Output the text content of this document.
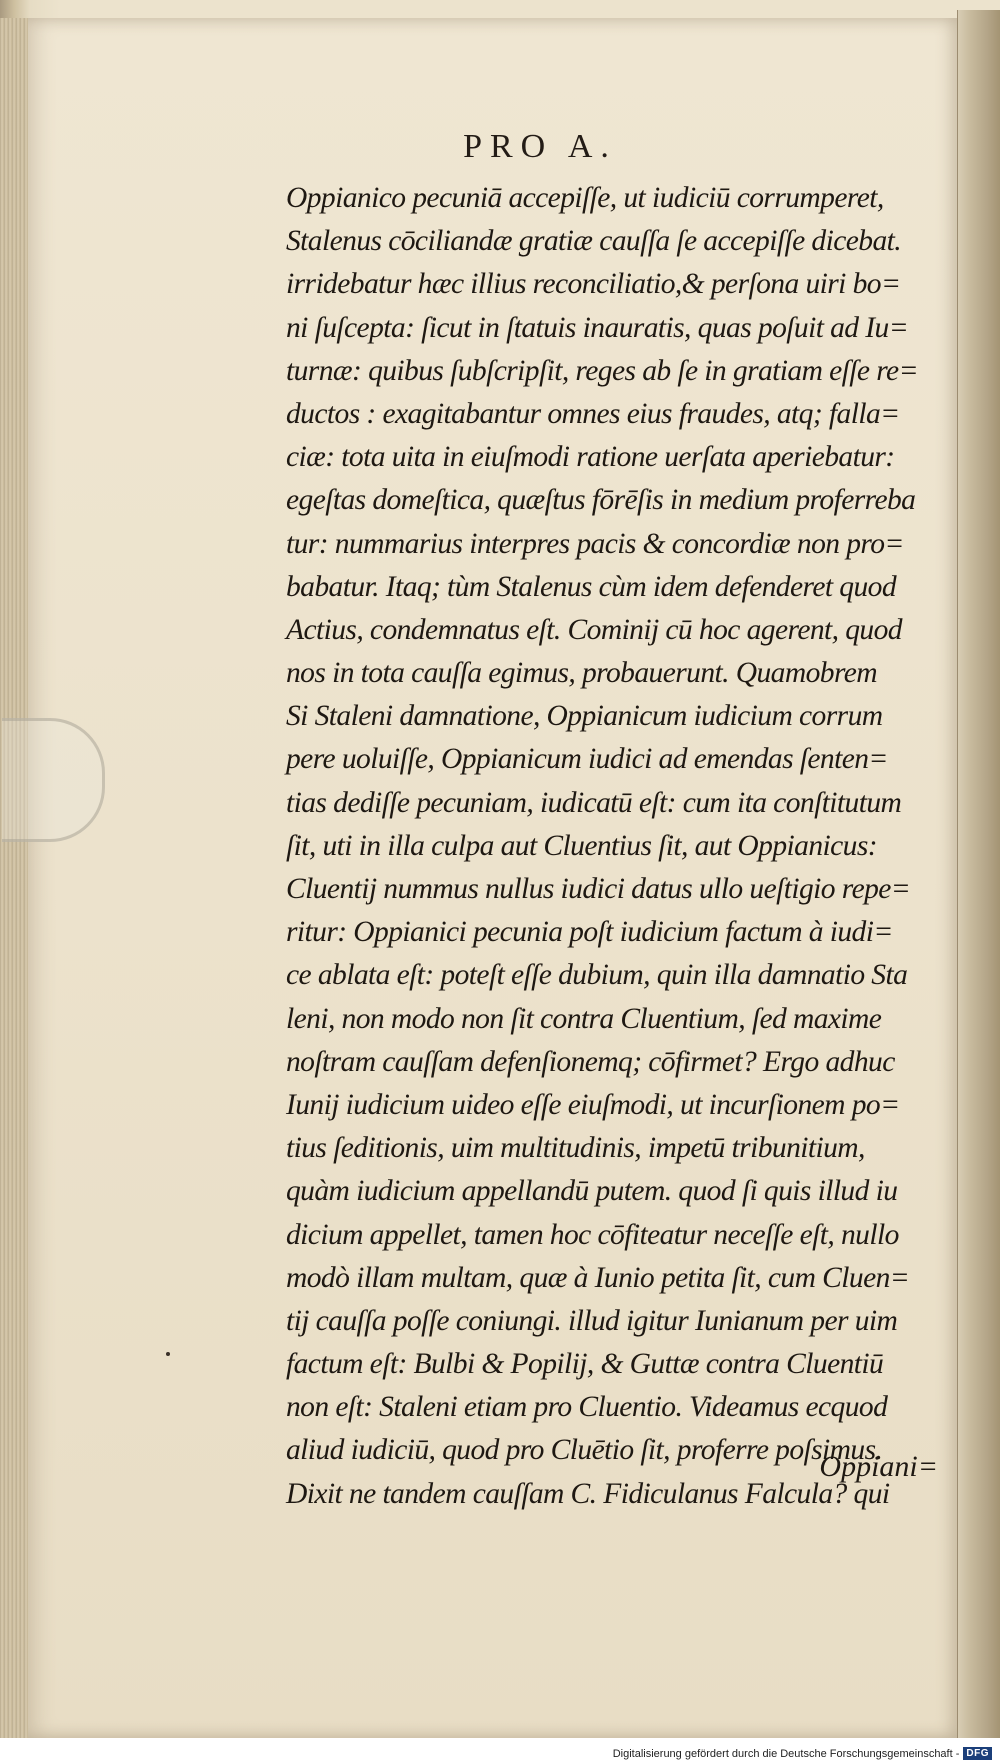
PRO A.
Oppianico pecuniā accepiſſe, ut iudiciū corrumperet,
Stalenus cōciliandæ gratiæ cauſſa ſe accepiſſe dicebat.
irridebatur hæc illius reconciliatio,& perſona uiri bo=
ni ſuſcepta: ſicut in ſtatuis inauratis, quas poſuit ad Iu=
turnæ: quibus ſubſcripſit, reges ab ſe in gratiam eſſe re=
ductos : exagitabantur omnes eius fraudes, atq; falla=
ciæ: tota uita in eiuſmodi ratione uerſata aperiebatur:
egeſtas domeſtica, quæſtus fōrēſis in medium proferreba
tur: nummarius interpres pacis & concordiæ non pro=
babatur. Itaq; tùm Stalenus cùm idem defenderet quod
Actius, condemnatus eſt. Cominij cū hoc agerent, quod
nos in tota cauſſa egimus, probauerunt. Quamobrem
Si Staleni damnatione, Oppianicum iudicium corrum
pere uoluiſſe, Oppianicum iudici ad emendas ſenten=
tias dediſſe pecuniam, iudicatū eſt: cum ita conſtitutum
ſit, uti in illa culpa aut Cluentius ſit, aut Oppianicus:
Cluentij nummus nullus iudici datus ullo ueſtigio repe=
ritur: Oppianici pecunia poſt iudicium factum à iudi=
ce ablata eſt: poteſt eſſe dubium, quin illa damnatio Sta
leni, non modo non ſit contra Cluentium, ſed maxime
noſtram cauſſam defenſionemq; cōfirmet? Ergo adhuc
Iunij iudicium uideo eſſe eiuſmodi, ut incurſionem po=
tius ſeditionis, uim multitudinis, impetū tribunitium,
quàm iudicium appellandū putem. quod ſi quis illud iu
dicium appellet, tamen hoc cōfiteatur neceſſe eſt, nullo
modò illam multam, quæ à Iunio petita ſit, cum Cluen=
tij cauſſa poſſe coniungi. illud igitur Iunianum per uim
factum eſt: Bulbi & Popilij, & Guttæ contra Cluentiū
non eſt: Staleni etiam pro Cluentio. Videamus ecquod
aliud iudiciū, quod pro Cluētio ſit, proferre poſsimus.
Dixit ne tandem cauſſam C. Fidiculanus Falcula? qui
Oppiani=
Digitalisierung gefördert durch die Deutsche Forschungsgemeinschaft - DFG
